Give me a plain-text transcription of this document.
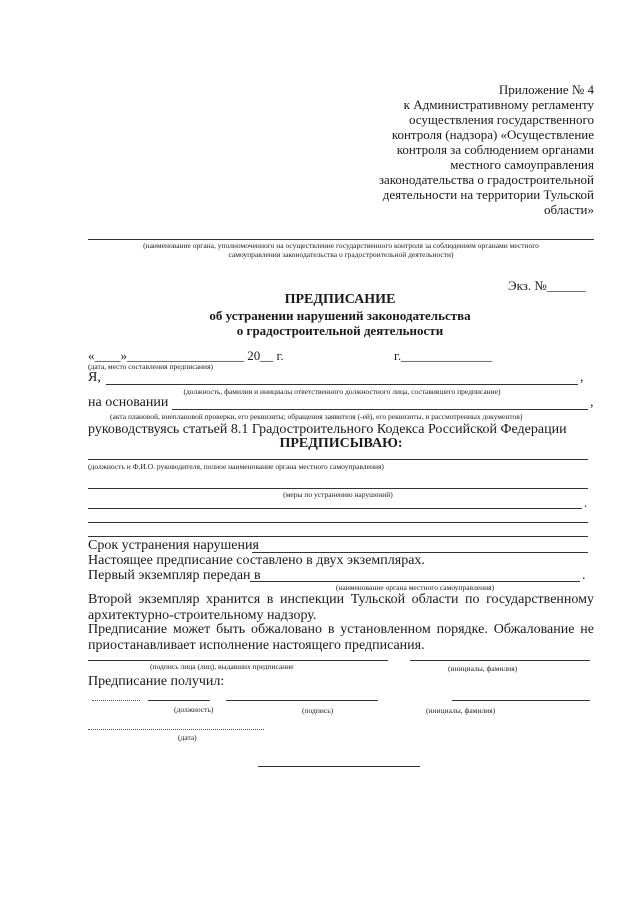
Приложение № 4
к Административному регламенту
осуществления государственного
контроля (надзора) «Осуществление
контроля за соблюдением органами
местного самоуправления
законодательства о градостроительной
деятельности на территории Тульской
области»
(наименование органа, уполномоченного на осуществление государственного контроля за соблюдением органами местного
самоуправления законодательства о градостроительной деятельности)
Экз. №______
ПРЕДПИСАНИЕ
об устранении нарушений законодательства
о градостроительной деятельности
«____»__________________ 20__ г.	г.______________
(дата, место составления предписания)
Я,	,
(должность, фамилия и инициалы ответственного должностного лица, составившего предписание)
на основании	,
(акта плановой, внеплановой проверки, его реквизиты; обращения заявителя (-ей), его реквизиты, и рассмотренных документов)
руководствуясь статьей 8.1 Градостроительного Кодекса Российской Федерации
ПРЕДПИСЫВАЮ:
(должность и Ф.И.О. руководителя, полное наименование органа местного самоуправления)
(меры по устранению нарушений)
.
Срок устранения нарушения
Настоящее предписание составлено в двух экземплярах.
Первый экземпляр передан в	.
(наименование органа местного самоуправления)
Второй экземпляр хранится в инспекции Тульской области по государственному архитектурно-строительному надзору.
Предписание может быть обжаловано в установленном порядке. Обжалование не приостанавливает исполнение настоящего предписания.
(подпись лица (лиц), выдавших предписание	(инициалы, фамилия)
Предписание получил:
(должность)	(подпись)	(инициалы, фамилия)
(дата)
